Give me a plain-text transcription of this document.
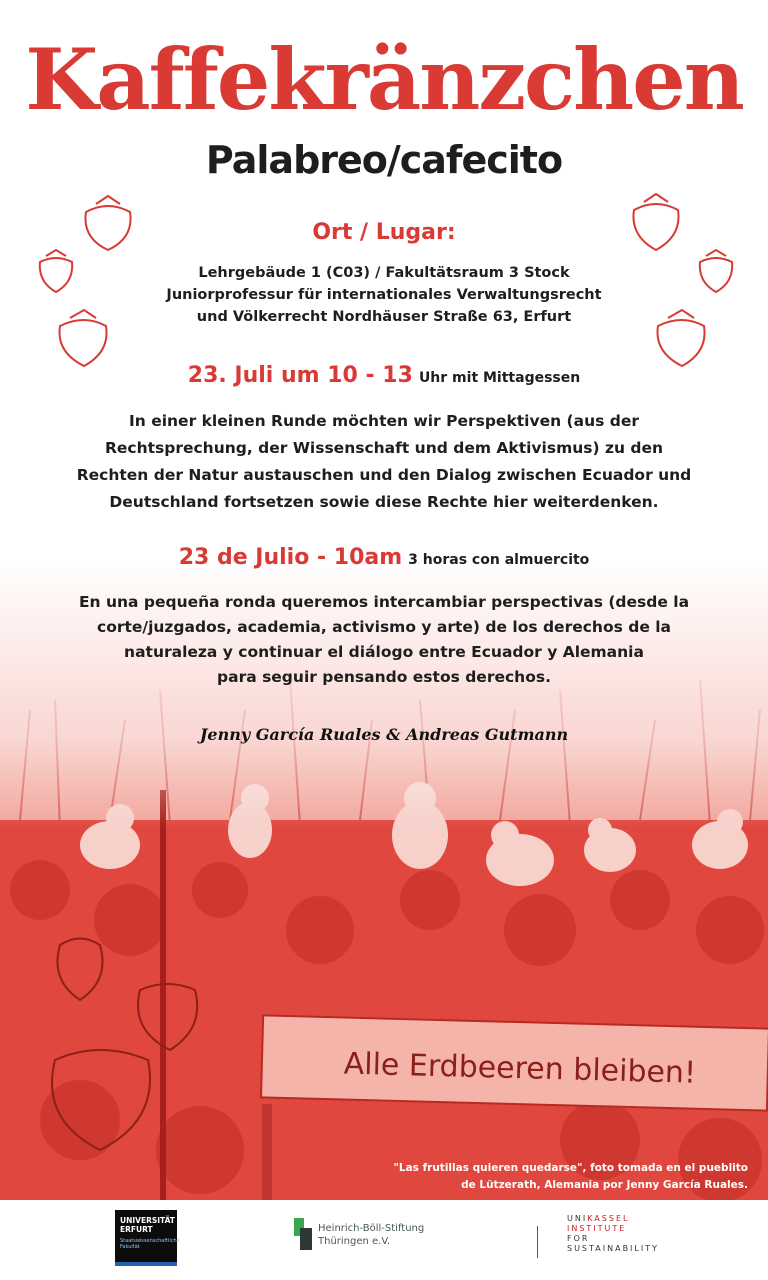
Kaffekränzchen
Palabreo/cafecito
Ort / Lugar:
Lehrgebäude 1 (C03) / Fakultätsraum 3 Stock
Juniorprofessur für internationales Verwaltungsrecht
und Völkerrecht Nordhäuser Straße 63, Erfurt
23. Juli um 10 - 13 Uhr mit Mittagessen
In einer kleinen Runde möchten wir Perspektiven (aus der
Rechtsprechung, der Wissenschaft und dem Aktivismus) zu den
Rechten der Natur austauschen und den Dialog zwischen Ecuador und
Deutschland fortsetzen sowie diese Rechte hier weiterdenken.
23 de Julio - 10am 3 horas con almuercito
En una pequeña ronda queremos intercambiar perspectivas (desde la
corte/juzgados, academia, activismo y arte) de los derechos de la
naturaleza y continuar el diálogo entre Ecuador y Alemania
para seguir pensando estos derechos.
Jenny García Ruales & Andreas Gutmann
"Las frutillas quieren quedarse", foto tomada en el pueblito
de Lützerath, Alemania por Jenny García Ruales.
UNIVERSITÄT
ERFURT
Staatswissenschaftliche Fakultät
Heinrich-Böll-Stiftung
Thüringen e.V.
UNIKASSEL
INSTITUTE
FOR
SUSTAINABILITY
